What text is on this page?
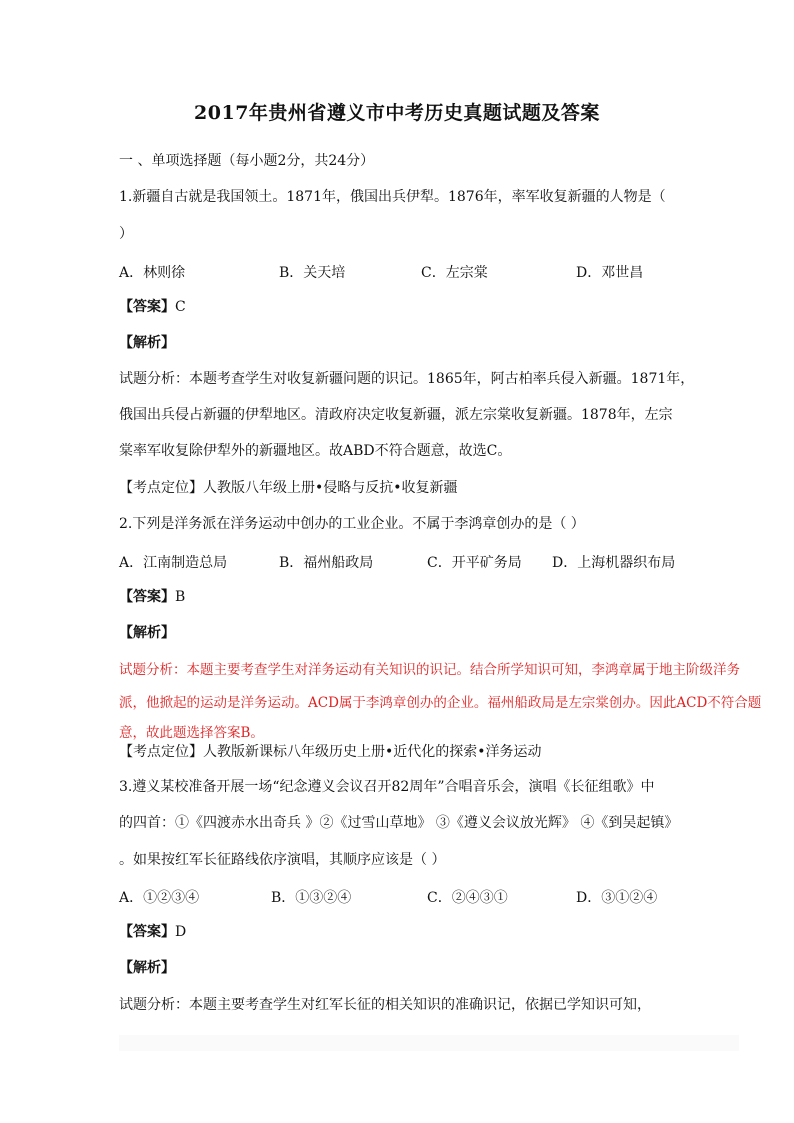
2017年贵州省遵义市中考历史真题试题及答案
一 、单项选择题（每小题2分，共24分）
1.新疆自古就是我国领土。1871年，俄国出兵伊犁。1876年，率军收复新疆的人物是（
）
A．林则徐	B．关天培	C．左宗棠	D．邓世昌
【答案】C
【解析】
试题分析：本题考查学生对收复新疆问题的识记。1865年，阿古柏率兵侵入新疆。1871年，
俄国出兵侵占新疆的伊犁地区。清政府决定收复新疆，派左宗棠收复新疆。1878年，左宗
棠率军收复除伊犁外的新疆地区。故ABD不符合题意，故选C。
【考点定位】人教版八年级上册•侵略与反抗•收复新疆
2.下列是洋务派在洋务运动中创办的工业企业。不属于李鸿章创办的是（ ）
A．江南制造总局	B．福州船政局	C．开平矿务局 D．上海机器织布局
【答案】B
【解析】
试题分析：本题主要考查学生对洋务运动有关知识的识记。结合所学知识可知，李鸿章属于地主阶级洋务
派，他掀起的运动是洋务运动。ACD属于李鸿章创办的企业。福州船政局是左宗棠创办。因此ACD不符合题
意，故此题选择答案B。
【考点定位】人教版新课标八年级历史上册•近代化的探索•洋务运动
3.遵义某校准备开展一场“纪念遵义会议召开82周年”合唱音乐会，演唱《长征组歌》中
的四首：①《四渡赤水出奇兵 》②《过雪山草地》 ③《遵义会议放光辉》 ④《到吴起镇》
。如果按红军长征路线依序演唱，其顺序应该是（ ）
A．①②③④	B．①③②④	C．②④③①	D．③①②④
【答案】D
【解析】
试题分析：本题主要考查学生对红军长征的相关知识的准确识记，依据已学知识可知，
